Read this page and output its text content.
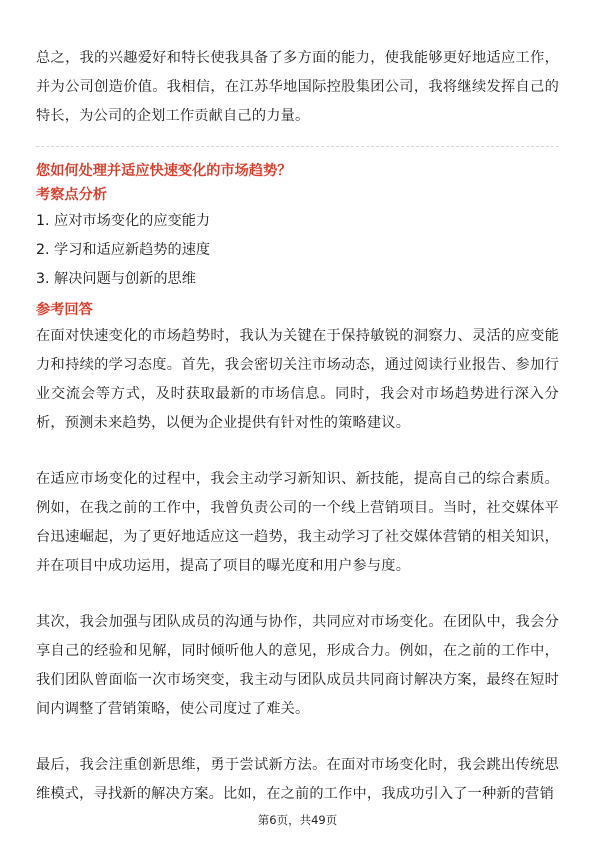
总之，我的兴趣爱好和特长使我具备了多方面的能力，使我能够更好地适应工作，并为公司创造价值。我相信，在江苏华地国际控股集团公司，我将继续发挥自己的特长，为公司的企划工作贡献自己的力量。

您如何处理并适应快速变化的市场趋势？

考察点分析

1. 应对市场变化的应变能力

2. 学习和适应新趋势的速度

3. 解决问题与创新的思维

参考回答

在面对快速变化的市场趋势时，我认为关键在于保持敏锐的洞察力、灵活的应变能力和持续的学习态度。首先，我会密切关注市场动态，通过阅读行业报告、参加行业交流会等方式，及时获取最新的市场信息。同时，我会对市场趋势进行深入分析，预测未来趋势，以便为企业提供有针对性的策略建议。

在适应市场变化的过程中，我会主动学习新知识、新技能，提高自己的综合素质。例如，在我之前的工作中，我曾负责公司的一个线上营销项目。当时，社交媒体平台迅速崛起，为了更好地适应这一趋势，我主动学习了社交媒体营销的相关知识，并在项目中成功运用，提高了项目的曝光度和用户参与度。

其次，我会加强与团队成员的沟通与协作，共同应对市场变化。在团队中，我会分享自己的经验和见解，同时倾听他人的意见，形成合力。例如，在之前的工作中，我们团队曾面临一次市场突变，我主动与团队成员共同商讨解决方案，最终在短时间内调整了营销策略，使公司度过了难关。

最后，我会注重创新思维，勇于尝试新方法。在面对市场变化时，我会跳出传统思维模式，寻找新的解决方案。比如，在之前的工作中，我成功引入了一种新的营销

第6页，共49页
